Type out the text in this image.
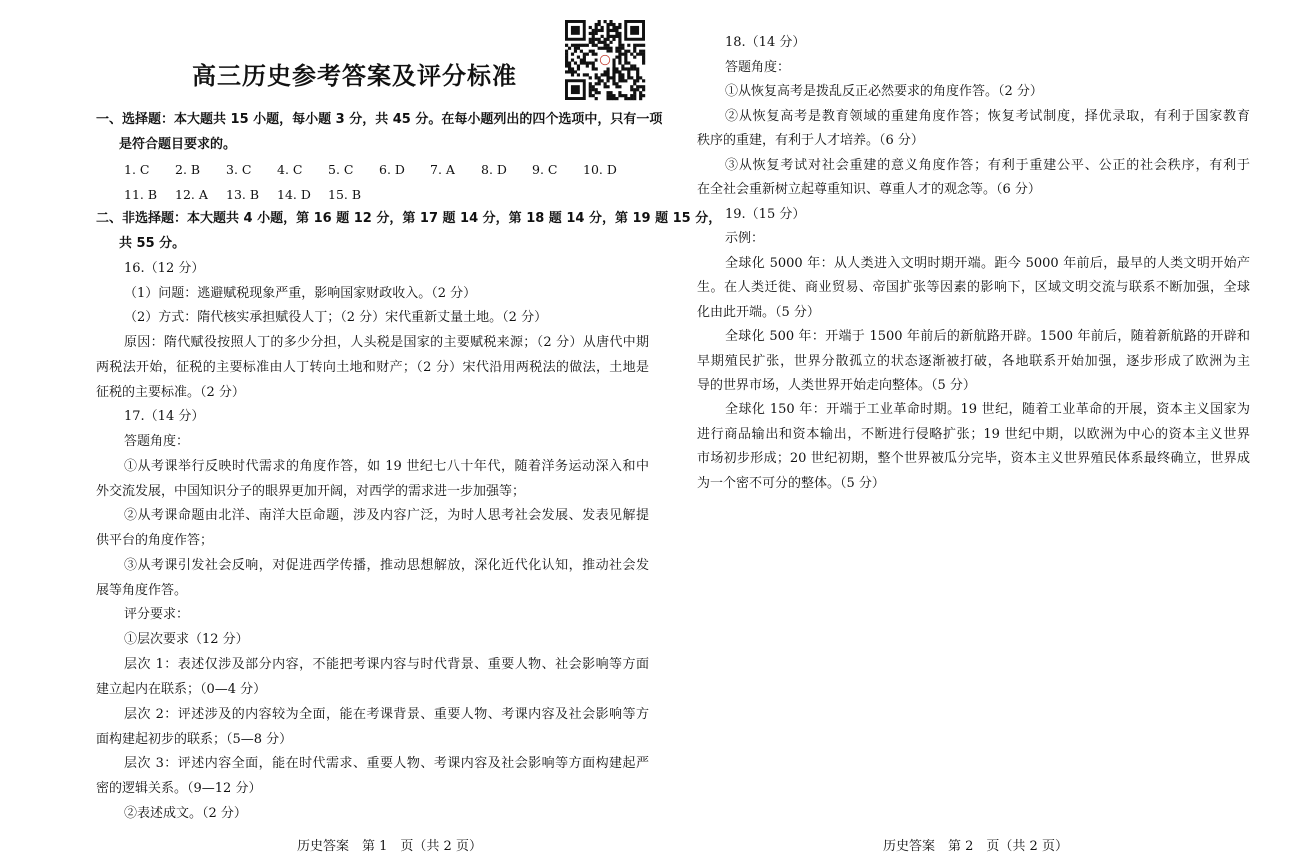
高三历史参考答案及评分标准
一、选择题：本大题共 15 小题，每小题 3 分，共 45 分。在每小题列出的四个选项中，只有一项
是符合题目要求的。
1. C 2. B 3. C 4. C 5. C 6. D 7. A 8. D 9. C 10. D
11. B 12. A 13. B 14. D 15. B
二、非选择题：本大题共 4 小题，第 16 题 12 分，第 17 题 14 分，第 18 题 14 分，第 19 题 15 分，
共 55 分。
16.（12 分）
（1）问题：逃避赋税现象严重，影响国家财政收入。（2 分）
（2）方式：隋代核实承担赋役人丁；（2 分）宋代重新丈量土地。（2 分）
原因：隋代赋役按照人丁的多少分担，人头税是国家的主要赋税来源；（2 分）从唐代中期
两税法开始，征税的主要标准由人丁转向土地和财产；（2 分）宋代沿用两税法的做法，土地是
征税的主要标准。（2 分）
17.（14 分）
答题角度：
①从考课举行反映时代需求的角度作答，如 19 世纪七八十年代，随着洋务运动深入和中
外交流发展，中国知识分子的眼界更加开阔，对西学的需求进一步加强等；
②从考课命题由北洋、南洋大臣命题，涉及内容广泛，为时人思考社会发展、发表见解提
供平台的角度作答；
③从考课引发社会反响，对促进西学传播，推动思想解放，深化近代化认知，推动社会发
展等角度作答。
评分要求：
①层次要求（12 分）
层次 1：表述仅涉及部分内容，不能把考课内容与时代背景、重要人物、社会影响等方面
建立起内在联系；（0—4 分）
层次 2：评述涉及的内容较为全面，能在考课背景、重要人物、考课内容及社会影响等方
面构建起初步的联系；（5—8 分）
层次 3：评述内容全面，能在时代需求、重要人物、考课内容及社会影响等方面构建起严
密的逻辑关系。（9—12 分）
②表述成文。（2 分）
历史答案　第 1　页（共 2 页）
18.（14 分）
答题角度：
①从恢复高考是拨乱反正必然要求的角度作答。（2 分）
②从恢复高考是教育领域的重建角度作答；恢复考试制度，择优录取，有利于国家教育
秩序的重建，有利于人才培养。（6 分）
③从恢复考试对社会重建的意义角度作答；有利于重建公平、公正的社会秩序，有利于
在全社会重新树立起尊重知识、尊重人才的观念等。（6 分）
19.（15 分）
示例：
全球化 5000 年：从人类进入文明时期开端。距今 5000 年前后，最早的人类文明开始产
生。在人类迁徙、商业贸易、帝国扩张等因素的影响下，区域文明交流与联系不断加强，全球
化由此开端。（5 分）
全球化 500 年：开端于 1500 年前后的新航路开辟。1500 年前后，随着新航路的开辟和
早期殖民扩张，世界分散孤立的状态逐渐被打破，各地联系开始加强，逐步形成了欧洲为主
导的世界市场，人类世界开始走向整体。（5 分）
全球化 150 年：开端于工业革命时期。19 世纪，随着工业革命的开展，资本主义国家为
进行商品输出和资本输出，不断进行侵略扩张；19 世纪中期，以欧洲为中心的资本主义世界
市场初步形成；20 世纪初期，整个世界被瓜分完毕，资本主义世界殖民体系最终确立，世界成
为一个密不可分的整体。（5 分）
历史答案　第 2　页（共 2 页）
